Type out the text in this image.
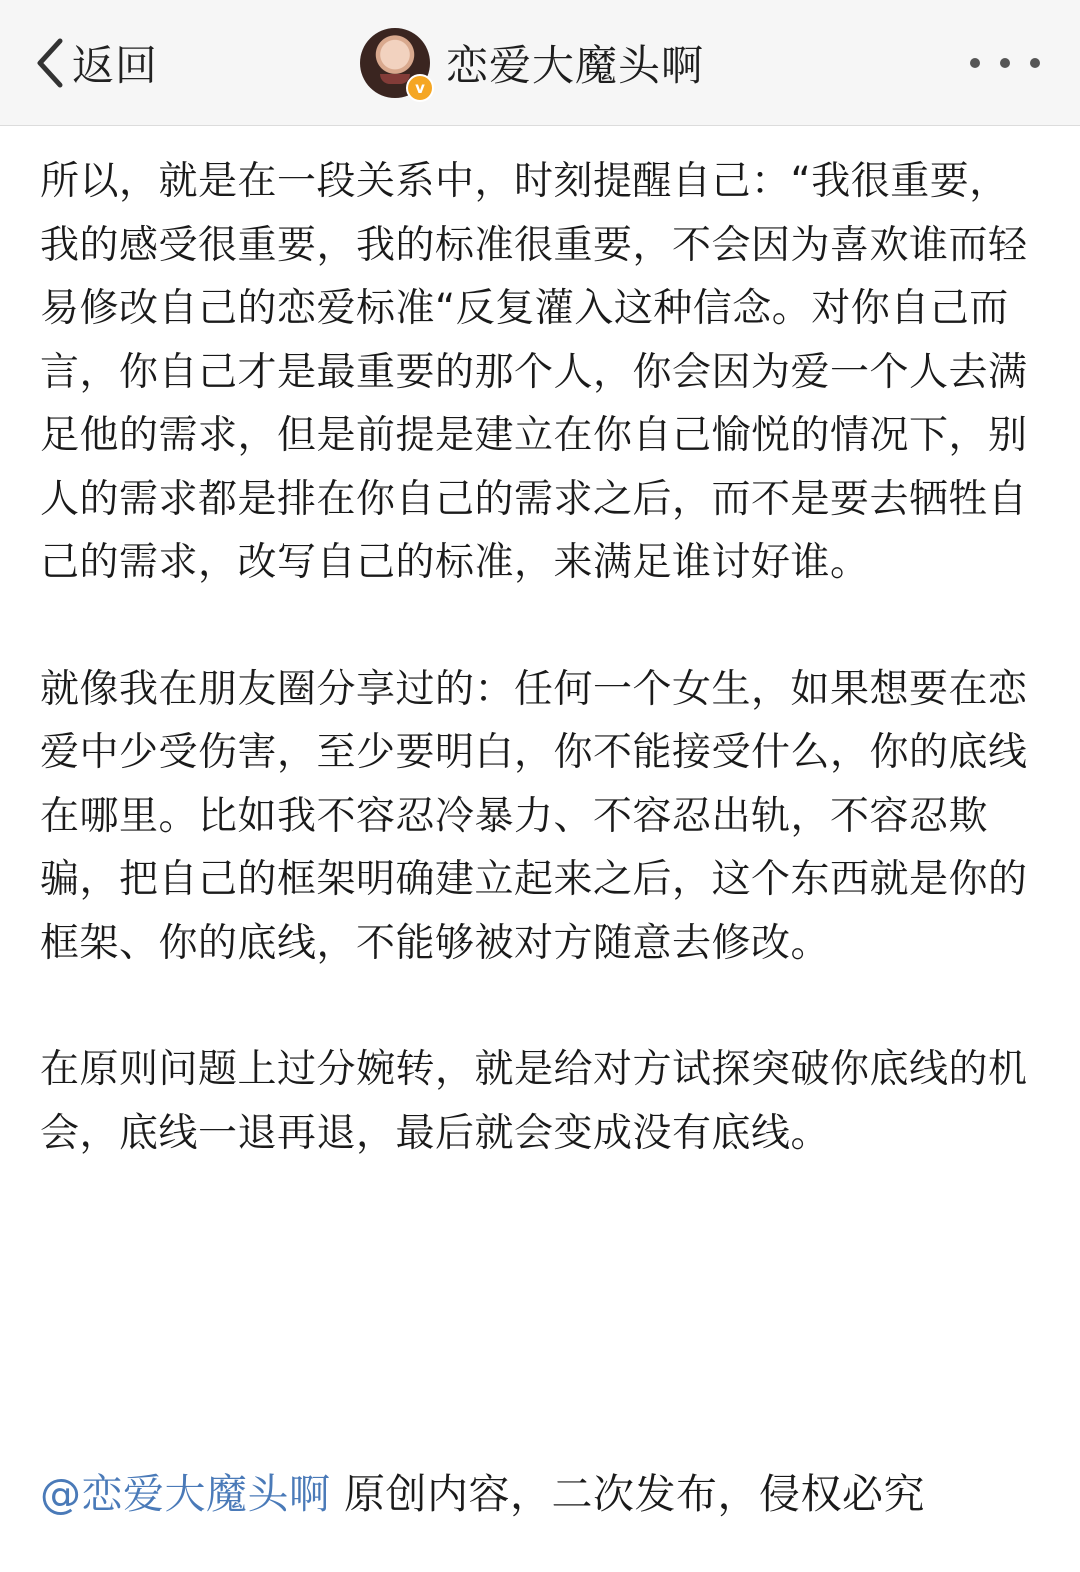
返回	v 恋爱大魔头啊

所以，就是在一段关系中，时刻提醒自己：“我很重要，我的感受很重要，我的标准很重要，不会因为喜欢谁而轻易修改自己的恋爱标准“反复灌入这种信念。对你自己而言，你自己才是最重要的那个人，你会因为爱一个人去满足他的需求，但是前提是建立在你自己愉悦的情况下，别人的需求都是排在你自己的需求之后，而不是要去牺牲自己的需求，改写自己的标准，来满足谁讨好谁。

就像我在朋友圈分享过的：任何一个女生，如果想要在恋爱中少受伤害，至少要明白，你不能接受什么，你的底线在哪里。比如我不容忍冷暴力、不容忍出轨，不容忍欺骗，把自己的框架明确建立起来之后，这个东西就是你的框架、你的底线，不能够被对方随意去修改。

在原则问题上过分婉转，就是给对方试探突破你底线的机会，底线一退再退，最后就会变成没有底线。

@恋爱大魔头啊 原创内容，二次发布，侵权必究
